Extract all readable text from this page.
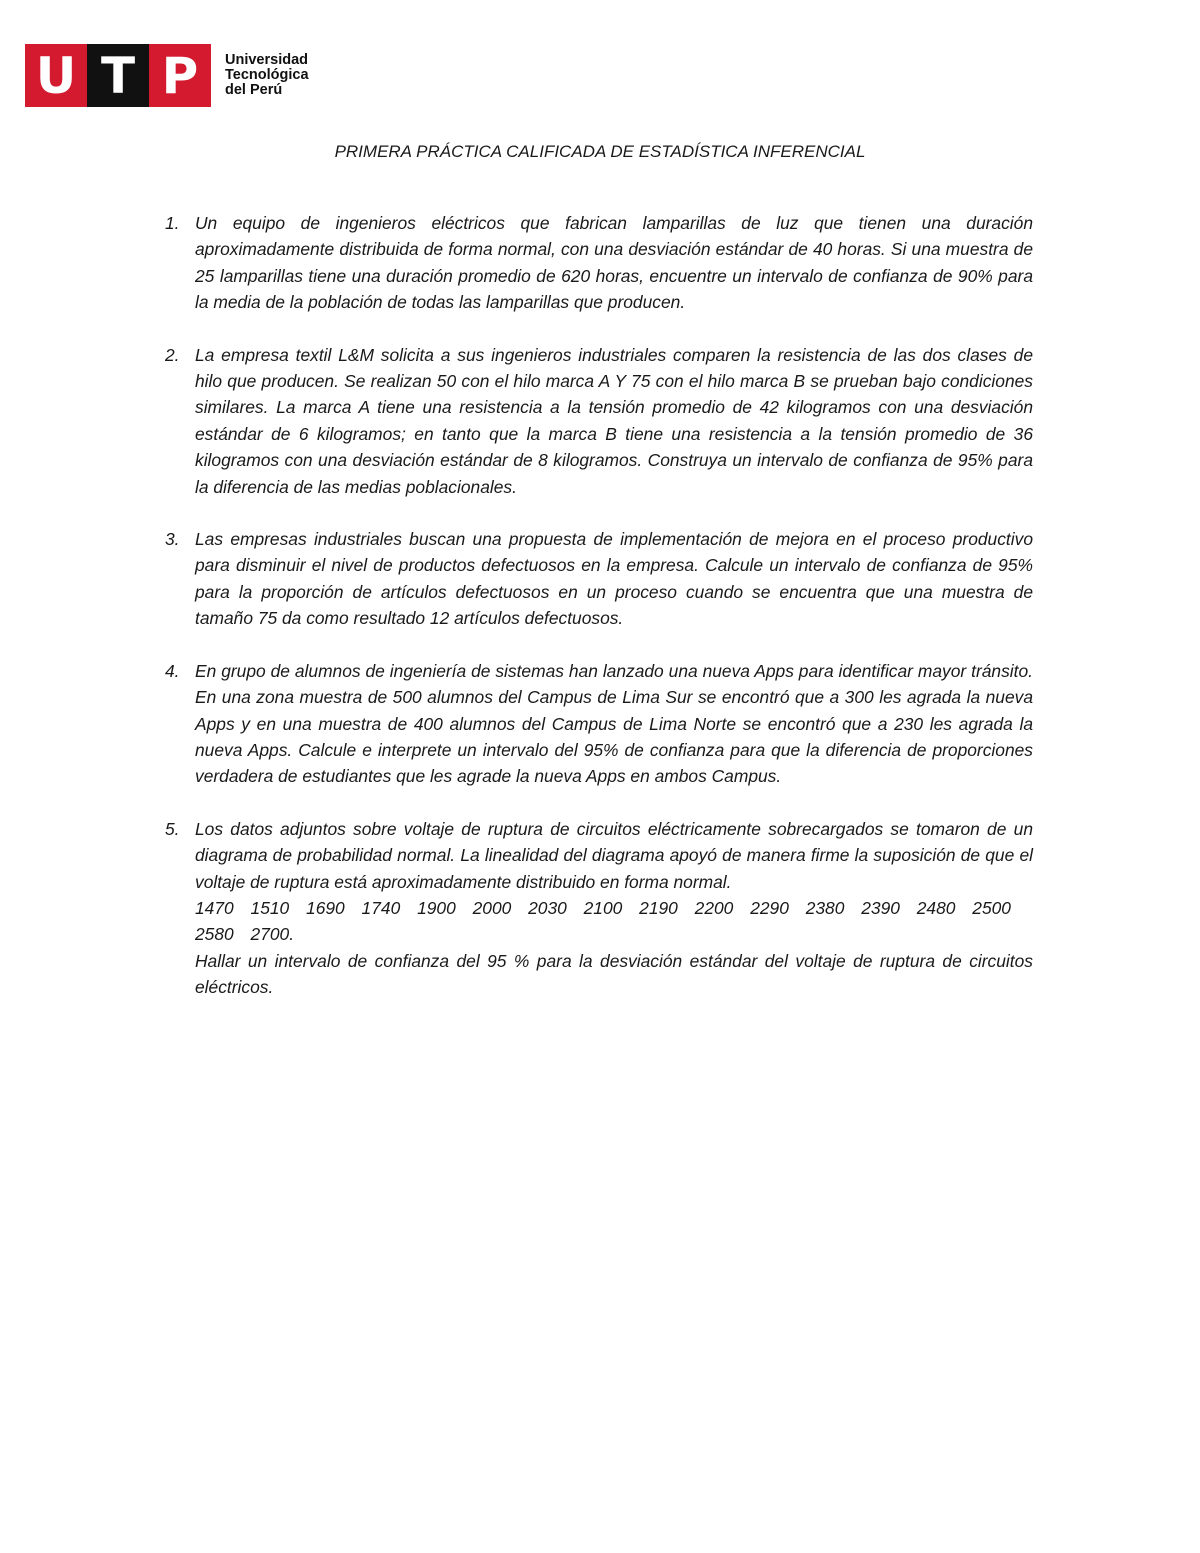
U T P	Universidad
Tecnológica
del Perú
PRIMERA PRÁCTICA CALIFICADA DE ESTADÍSTICA INFERENCIAL
1. Un equipo de ingenieros eléctricos que fabrican lamparillas de luz que tienen una duración aproximadamente distribuida de forma normal, con una desviación estándar de 40 horas. Si una muestra de 25 lamparillas tiene una duración promedio de 620 horas, encuentre un intervalo de confianza de 90% para la media de la población de todas las lamparillas que producen.
2. La empresa textil L&M solicita a sus ingenieros industriales comparen la resistencia de las dos clases de hilo que producen. Se realizan 50 con el hilo marca A Y 75 con el hilo marca B se prueban bajo condiciones similares. La marca A tiene una resistencia a la tensión promedio de 42 kilogramos con una desviación estándar de 6 kilogramos; en tanto que la marca B tiene una resistencia a la tensión promedio de 36 kilogramos con una desviación estándar de 8 kilogramos. Construya un intervalo de confianza de 95% para la diferencia de las medias poblacionales.
3. Las empresas industriales buscan una propuesta de implementación de mejora en el proceso productivo para disminuir el nivel de productos defectuosos en la empresa. Calcule un intervalo de confianza de 95% para la proporción de artículos defectuosos en un proceso cuando se encuentra que una muestra de tamaño 75 da como resultado 12 artículos defectuosos.
4. En grupo de alumnos de ingeniería de sistemas han lanzado una nueva Apps para identificar mayor tránsito. En una zona muestra de 500 alumnos del Campus de Lima Sur se encontró que a 300 les agrada la nueva Apps y en una muestra de 400 alumnos del Campus de Lima Norte se encontró que a 230 les agrada la nueva Apps. Calcule e interprete un intervalo del 95% de confianza para que la diferencia de proporciones verdadera de estudiantes que les agrade la nueva Apps en ambos Campus.
5. Los datos adjuntos sobre voltaje de ruptura de circuitos eléctricamente sobrecargados se tomaron de un diagrama de probabilidad normal. La linealidad del diagrama apoyó de manera firme la suposición de que el voltaje de ruptura está aproximadamente distribuido en forma normal.
1470 1510 1690 1740 1900 2000 2030 2100 2190 2200 2290 2380 2390 2480 2500 2580 2700.
Hallar un intervalo de confianza del 95 % para la desviación estándar del voltaje de ruptura de circuitos eléctricos.
